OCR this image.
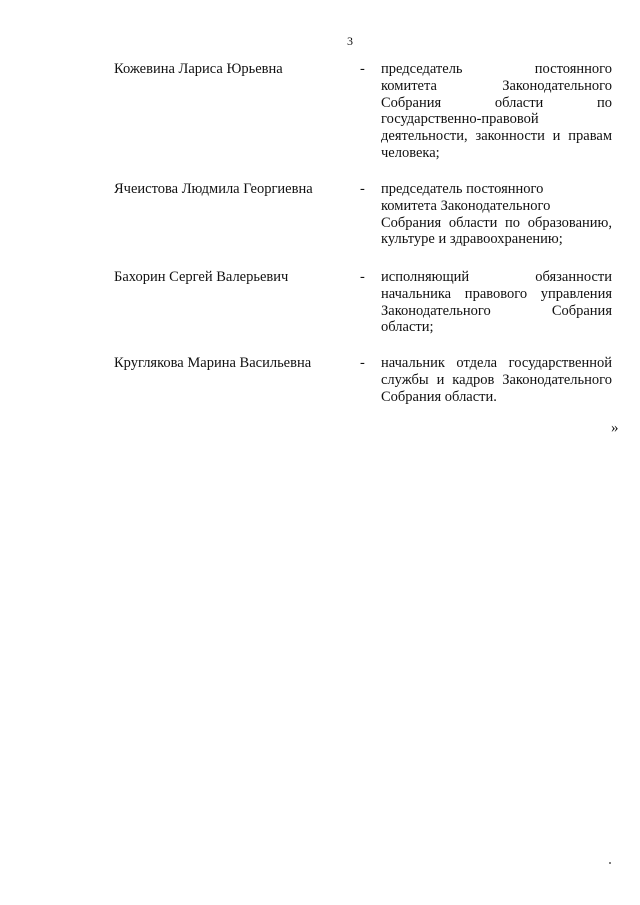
3
Кожевина Лариса Юрьевна	- председатель постоянного
комитета Законодательного
Собрания области по
государственно-правовой
деятельности, законности и правам
человека;
Ячеистова Людмила Георгиевна	- председатель постоянного
комитета Законодательного
Собрания области по образованию,
культуре и здравоохранению;
Бахорин Сергей Валерьевич	- исполняющий обязанности
начальника правового управления
Законодательного Собрания
области;
Круглякова Марина Васильевна	- начальник отдела государственной
службы и кадров Законодательного
Собрания области.
»
